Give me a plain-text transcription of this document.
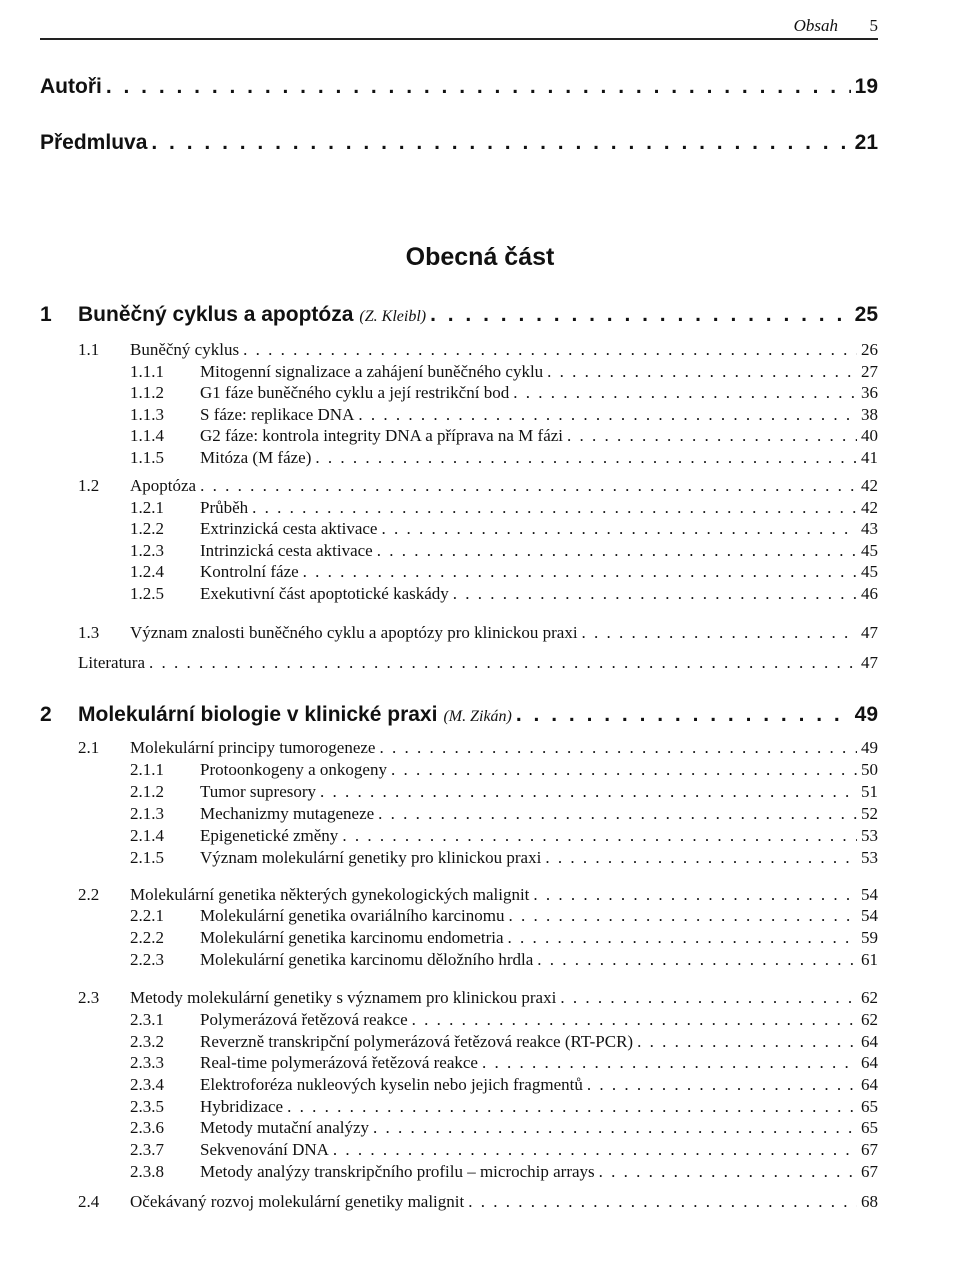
Obsah 5
Autoři . . .	19
Předmluva . . .	21
Obecná část
1	Buněčný cyklus a apoptóza (Z. Kleibl) . . .	25
1.1	Buněčný cyklus . . .	26
1.1.1	Mitogenní signalizace a zahájení buněčného cyklu . . .	27
1.1.2	G1 fáze buněčného cyklu a její restrikční bod . . .	36
1.1.3	S fáze: replikace DNA . . .	38
1.1.4	G2 fáze: kontrola integrity DNA a příprava na M fázi . . .	40
1.1.5	Mitóza (M fáze) . . .	41
1.2	Apoptóza . . .	42
1.2.1	Průběh . . .	42
1.2.2	Extrinzická cesta aktivace . . .	43
1.2.3	Intrinzická cesta aktivace . . .	45
1.2.4	Kontrolní fáze . . .	45
1.2.5	Exekutivní část apoptotické kaskády . . .	46
1.3	Význam znalosti buněčného cyklu a apoptózy pro klinickou praxi . . .	47
Literatura . . .	47
2	Molekulární biologie v klinické praxi (M. Zikán) . . .	49
2.1	Molekulární principy tumorogeneze . . .	49
2.1.1	Protoonkogeny a onkogeny . . .	50
2.1.2	Tumor supresory . . .	51
2.1.3	Mechanizmy mutageneze . . .	52
2.1.4	Epigenetické změny . . .	53
2.1.5	Význam molekulární genetiky pro klinickou praxi . . .	53
2.2	Molekulární genetika některých gynekologických malignit . . .	54
2.2.1	Molekulární genetika ovariálního karcinomu . . .	54
2.2.2	Molekulární genetika karcinomu endometria . . .	59
2.2.3	Molekulární genetika karcinomu děložního hrdla . . .	61
2.3	Metody molekulární genetiky s významem pro klinickou praxi . . .	62
2.3.1	Polymerázová řetězová reakce . . .	62
2.3.2	Reverzně transkripční polymerázová řetězová reakce (RT-PCR) . . .	64
2.3.3	Real-time polymerázová řetězová reakce . . .	64
2.3.4	Elektroforéza nukleových kyselin nebo jejich fragmentů . . .	64
2.3.5	Hybridizace . . .	65
2.3.6	Metody mutační analýzy . . .	65
2.3.7	Sekvenování DNA . . .	67
2.3.8	Metody analýzy transkripčního profilu – microchip arrays . . .	67
2.4	Očekávaný rozvoj molekulární genetiky malignit . . .	68
